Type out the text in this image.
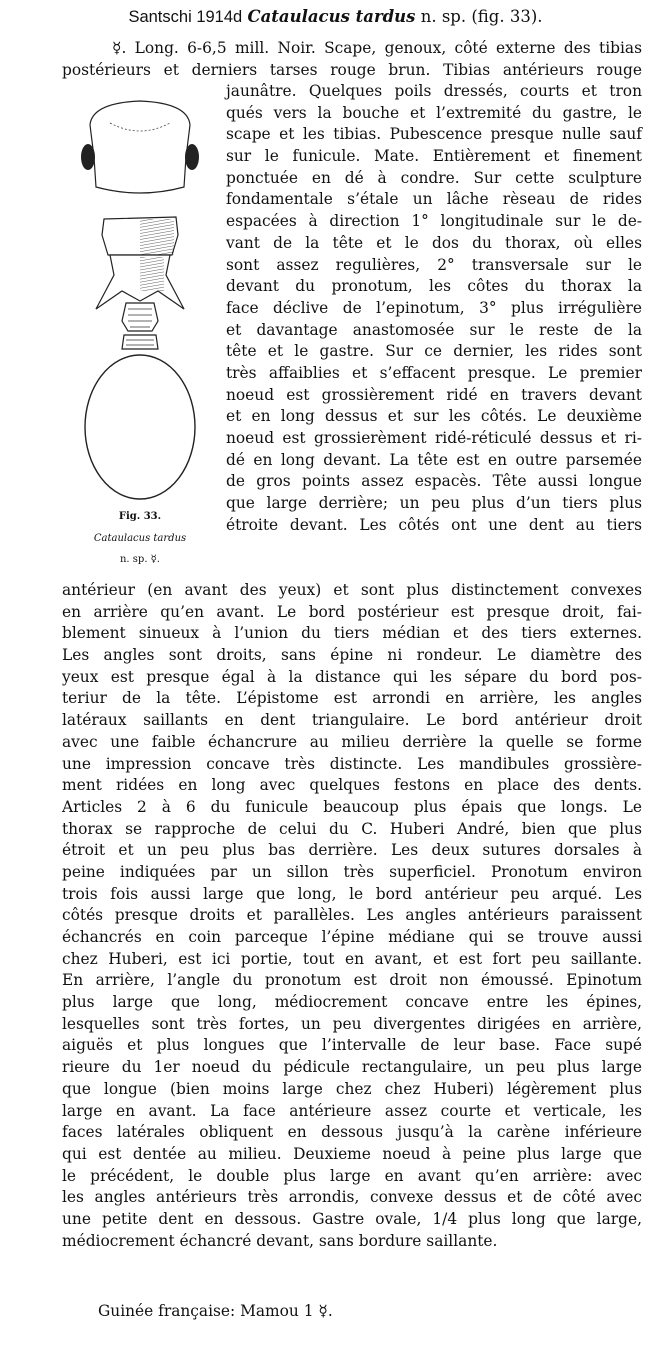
Santschi 1914d Cataulacus tardus n. sp. (fig. 33).
Fig. 33.
Cataulacus tardus
n. sp. ☿.
☿. Long. 6-6,5 mill. Noir. Scape, genoux, côté externe des tibias
postérieurs et derniers tarses rouge brun. Tibias antérieurs rouge
jaunâtre. Quelques poils dressés, courts et tron
qués vers la bouche et l’extremité du gastre, le
scape et les tibias. Pubescence presque nulle sauf
sur le funicule. Mate. Entièrement et finement
ponctuée en dé à condre. Sur cette sculpture
fondamentale s’étale un lâche rèseau de rides
espacées à direction 1° longitudinale sur le de-
vant de la tête et le dos du thorax, où elles
sont assez regulières, 2° transversale sur le
devant du pronotum, les côtes du thorax la
face déclive de l’epinotum, 3° plus irrégulière
et davantage anastomosée sur le reste de la
tête et le gastre. Sur ce dernier, les rides sont
très affaiblies et s’effacent presque. Le premier
noeud est grossièrement ridé en travers devant
et en long dessus et sur les côtés. Le deuxième
noeud est grossierèment ridé-réticulé dessus et ri-
dé en long devant. La tête est en outre parsemée
de gros points assez espacès. Tête aussi longue
que large derrière; un peu plus d’un tiers plus
étroite devant. Les côtés ont une dent au tiers
antérieur (en avant des yeux) et sont plus distinctement convexes
en arrière qu’en avant. Le bord postérieur est presque droit, fai-
blement sinueux à l’union du tiers médian et des tiers externes.
Les angles sont droits, sans épine ni rondeur. Le diamètre des
yeux est presque égal à la distance qui les sépare du bord pos-
teriur de la tête. L’épistome est arrondi en arrière, les angles
latéraux saillants en dent triangulaire. Le bord antérieur droit
avec une faible échancrure au milieu derrière la quelle se forme
une impression concave très distincte. Les mandibules grossière-
ment ridées en long avec quelques festons en place des dents.
Articles 2 à 6 du funicule beaucoup plus épais que longs. Le
thorax se rapproche de celui du C. Huberi André, bien que plus
étroit et un peu plus bas derrière. Les deux sutures dorsales à
peine indiquées par un sillon très superficiel. Pronotum environ
trois fois aussi large que long, le bord antérieur peu arqué. Les
côtés presque droits et parallèles. Les angles antérieurs paraissent
échancrés en coin parceque l’épine médiane qui se trouve aussi
chez Huberi, est ici portie, tout en avant, et est fort peu saillante.
En arrière, l’angle du pronotum est droit non émoussé. Epinotum
plus large que long, médiocrement concave entre les épines,
lesquelles sont très fortes, un peu divergentes dirigées en arrière,
aiguës et plus longues que l’intervalle de leur base. Face supé
rieure du 1er noeud du pédicule rectangulaire, un peu plus large
que longue (bien moins large chez chez Huberi) légèrement plus
large en avant. La face antérieure assez courte et verticale, les
faces latérales obliquent en dessous jusqu’à la carène inférieure
qui est dentée au milieu. Deuxieme noeud à peine plus large que
le précédent, le double plus large en avant qu’en arrière: avec
les angles antérieurs très arrondis, convexe dessus et de côté avec
une petite dent en dessous. Gastre ovale, 1/4 plus long que large,
médiocrement échancré devant, sans bordure saillante.
Guinée française: Mamou 1 ☿.
